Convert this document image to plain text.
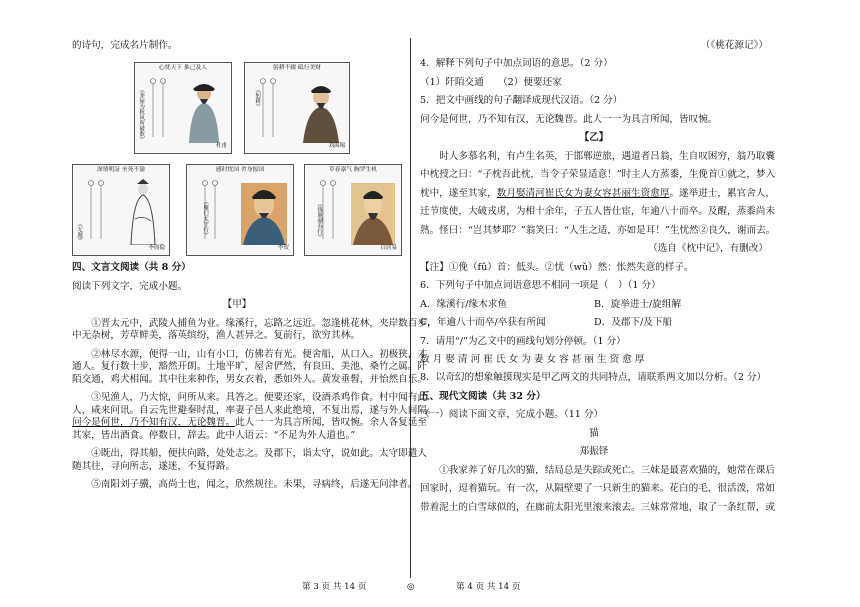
的诗句，完成名片制作。

心忧天下 推己及人
《茅屋为秋风所破歌》
杜甫
躬耕不辍 砥行美财
《躬耕》
刘禹锡
深情明証 至死不渝
《无题》
李商隐
感时忧国 舍身报国
《雁门太守行》
李贺
草春嘉气 胸罗生机
《钱塘湖春行》
白居易

四、文言文阅读（共 8 分）

阅读下列文字，完成小题。

【甲】

①晋太元中，武陵人捕鱼为业。缘溪行，忘路之远近。忽逢桃花林，夹岸数百步，

中无杂树，芳草鲜美，落英缤纷，渔人甚异之。复前行，欲穷其林。

②林尽水源，便得一山，山有小口，仿佛若有光。便舍船，从口入。初极狭，才

通人。复行数十步，豁然开朗。土地平旷，屋舍俨然，有良田、美池、桑竹之属。阡

陌交通，鸡犬相闻。其中往来种作，男女衣着，悉如外人。黄发垂髫，并怡然自乐。

③见渔人，乃大惊，问所从来。具答之。便要还家，设酒杀鸡作食。村中闻有此

人，咸来问讯。自云先世避秦时乱，率妻子邑人来此绝境，不复出焉，遂与外人间隔。

问今是何世，乃不知有汉，无论魏晋。此人一一为具言所闻，皆叹惋。余人各复延至

其家，皆出酒食。停数日，辞去。此中人语云：“不足为外人道也。”

④既出，得其船，便扶向路，处处志之。及郡下，诣太守，说如此。太守即遣人

随其往，寻向所志，遂迷，不复得路。

⑤南阳刘子骥，高尚士也，闻之，欣然规往。未果，寻病终，后遂无问津者。

（《桃花源记》）

4．解释下列句子中加点词语的意思。（2 分）

（1）阡陌交通　　（2）便要还家

5．把文中画线的句子翻译成现代汉语。（2 分）

问今是何世，乃不知有汉，无论魏晋。此人一一为具言所闻，皆叹惋。

【乙】

时人多慕名利，有卢生名英，于邯郸逆旅，遇道者吕翁，生自叹困穷，翁乃取囊

中枕授之曰：“子枕吾此枕，当令子荣显适意！”时主人方蒸黍，生俛首①就之，梦入

枕中，遂至其家，数月娶清河崔氏女为妻女容甚丽生资愈厚。遂举进士，累官舍人，

迁节度使，大破戎虏，为相十余年，子五人皆仕宦，年逾八十而卒。及醒，蒸黍尚未

熟。怪曰：“岂其梦耶？”翁笑曰：“人生之适，亦如是耳！”生忧然②良久，谢而去。

（选自《枕中记》，有删改）

【注】①俛（fǔ）首：低头。②忧（wǔ）然：怅然失意的样子。

6．下列句子中加点词语意思不相同一项是（　）（1 分）

A．缘溪行/缘木求鱼	B．旋举进士/旋组解
C．年逾八十而卒/卒获有所闻	D．及郡下/及下船

7．请用“/”为乙文中的画线句划分停顿。（1 分）

数 月 娶 清 河 崔 氏 女 为 妻 女 容 甚 丽 生 资 愈 厚

8．以奇幻的想象触摸现实是甲乙两文的共同特点，请联系两文加以分析。（2 分）

五、现代文阅读（共 32 分）

（一）阅读下面文章，完成小题。（11 分）

猫

郑振铎

①我家养了好几次的猫，结局总是失踪或死亡。三妹是最喜欢猫的，她常在课后

回家时，逗着猫玩。有一次，从隔壁要了一只新生的猫来。花白的毛，很活泼，常如

带着泥土的白雪球似的，在廊前太阳光里滚来滚去。三妹常常地，取了一条红帮，或

第 3 页 共 14 页	◎	第 4 页 共 14 页
